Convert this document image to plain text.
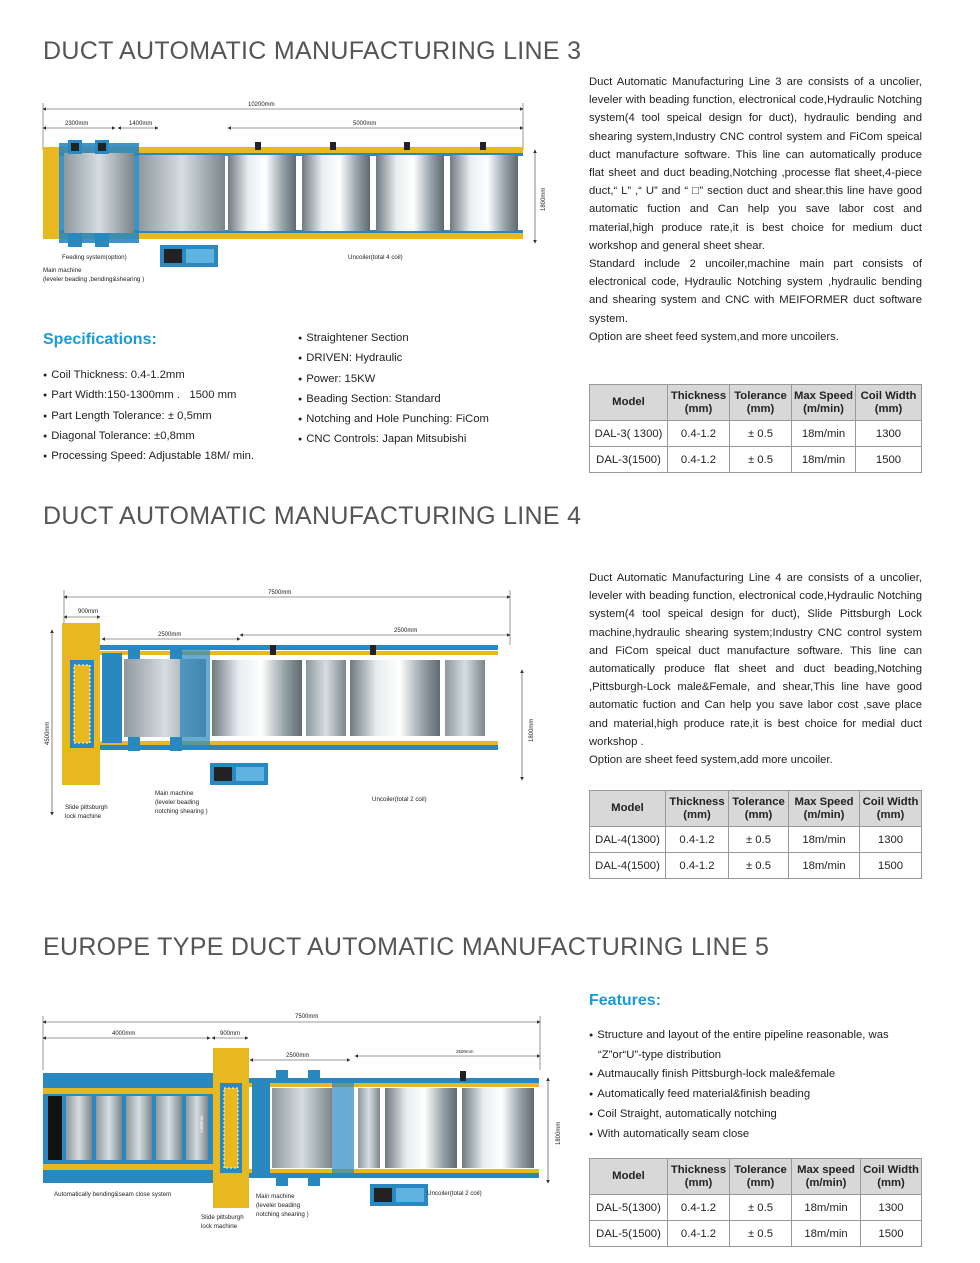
DUCT AUTOMATIC MANUFACTURING LINE 3
10200mm
2300mm	1400mm	5000mm
1800mm
Feeding system(option)
Main machine
(leveler beading ,bending&shearing )
Uncoiler(total 4 coil)

Duct Automatic Manufacturing Line 3 are consists of a uncolier, leveler with beading function, electronical code,Hydraulic Notching system(4 tool speical design for duct), hydraulic bending and shearing system,Industry CNC control system and FiCom speical duct manufacture software. This line can automatically produce flat sheet and duct beading,Notching ,processe flat sheet,4-piece duct,“ L” ,“ U” and “ □” section duct and shear.this line have good automatic fuction and Can help you save labor cost and material,high produce rate,it is best choice for medium duct workshop and general sheet shear.

Standard include 2 uncoiler,machine main part consists of electronical code, Hydraulic Notching system ,hydraulic bending and shearing system and CNC with MEIFORMER duct software system.

Option are sheet feed system,and more uncoilers.

Specifications:
● Coil Thickness: 0.4-1.2mm
● Part Width:150-1300mm .   1500 mm
● Part Length Tolerance: ± 0,5mm
● Diagonal Tolerance: ±0,8mm
● Processing Speed: Adjustable 18M/ min.
● Straightener Section
● DRIVEN: Hydraulic
● Power: 15KW
● Beading Section: Standard
● Notching and Hole Punching: FiCom
● CNC Controls: Japan Mitsubishi
Model	Thickness
(mm)	Tolerance
(mm)	Max Speed
(m/min)	Coil Width
(mm)
DAL-3( 1300)	0.4-1.2	± 0.5	18m/min	1300
DAL-3(1500)	0.4-1.2	± 0.5	18m/min	1500
DUCT AUTOMATIC MANUFACTURING LINE 4
7500mm
900mm
2500mm
2500mm
4500mm	1800mm
Slide pittsburgh
lock machine
Main machine
(leveler beading
notching shearing )
Uncoiler(total 2 coil)

Duct Automatic Manufacturing Line 4 are consists of a uncolier, leveler with beading function, electronical code,Hydraulic Notching system(4 tool speical design for duct), Slide Pittsburgh Lock machine,hydraulic shearing system;Industry CNC control system and FiCom speical duct manufacture software. This line can automatically produce flat sheet and duct beading,Notching ,Pittsburgh-Lock male&Female, and shear,This line have good automatic fuction and Can help you save labor cost ,save place and material,high produce rate,it is best choice for medial duct workshop .

Option are sheet feed system,add more uncoiler.

Model	Thickness
(mm)	Tolerance
(mm)	Max Speed
(m/min)	Coil Width
(mm)
DAL-4(1300)	0.4-1.2	± 0.5	18m/min	1300
DAL-4(1500)	0.4-1.2	± 0.5	18m/min	1500
EUROPE TYPE DUCT AUTOMATIC MANUFACTURING LINE 5
7500mm
4000mm	900mm
2500mm
2500mm
1800mm
1400mm
Automatically bending&seam close system	Main machine
(leveler beading
notching shearing )
Uncoiler(total 2 coil)
Slide pittsburgh
lock machine
Features:
● Structure and layout of the entire pipeline reasonable, was “Z”or“U”-type distribution
● Autmaucally finish Pittsburgh-lock male&female
● Automatically feed material&finish beading
● Coil Straight, automatically notching
● With automatically seam close
Model	Thickness
(mm)	Tolerance
(mm)	Max speed
(m/min)	Coil Width
(mm)
DAL-5(1300)	0.4-1.2	± 0.5	18m/min	1300
DAL-5(1500)	0.4-1.2	± 0.5	18m/min	1500
